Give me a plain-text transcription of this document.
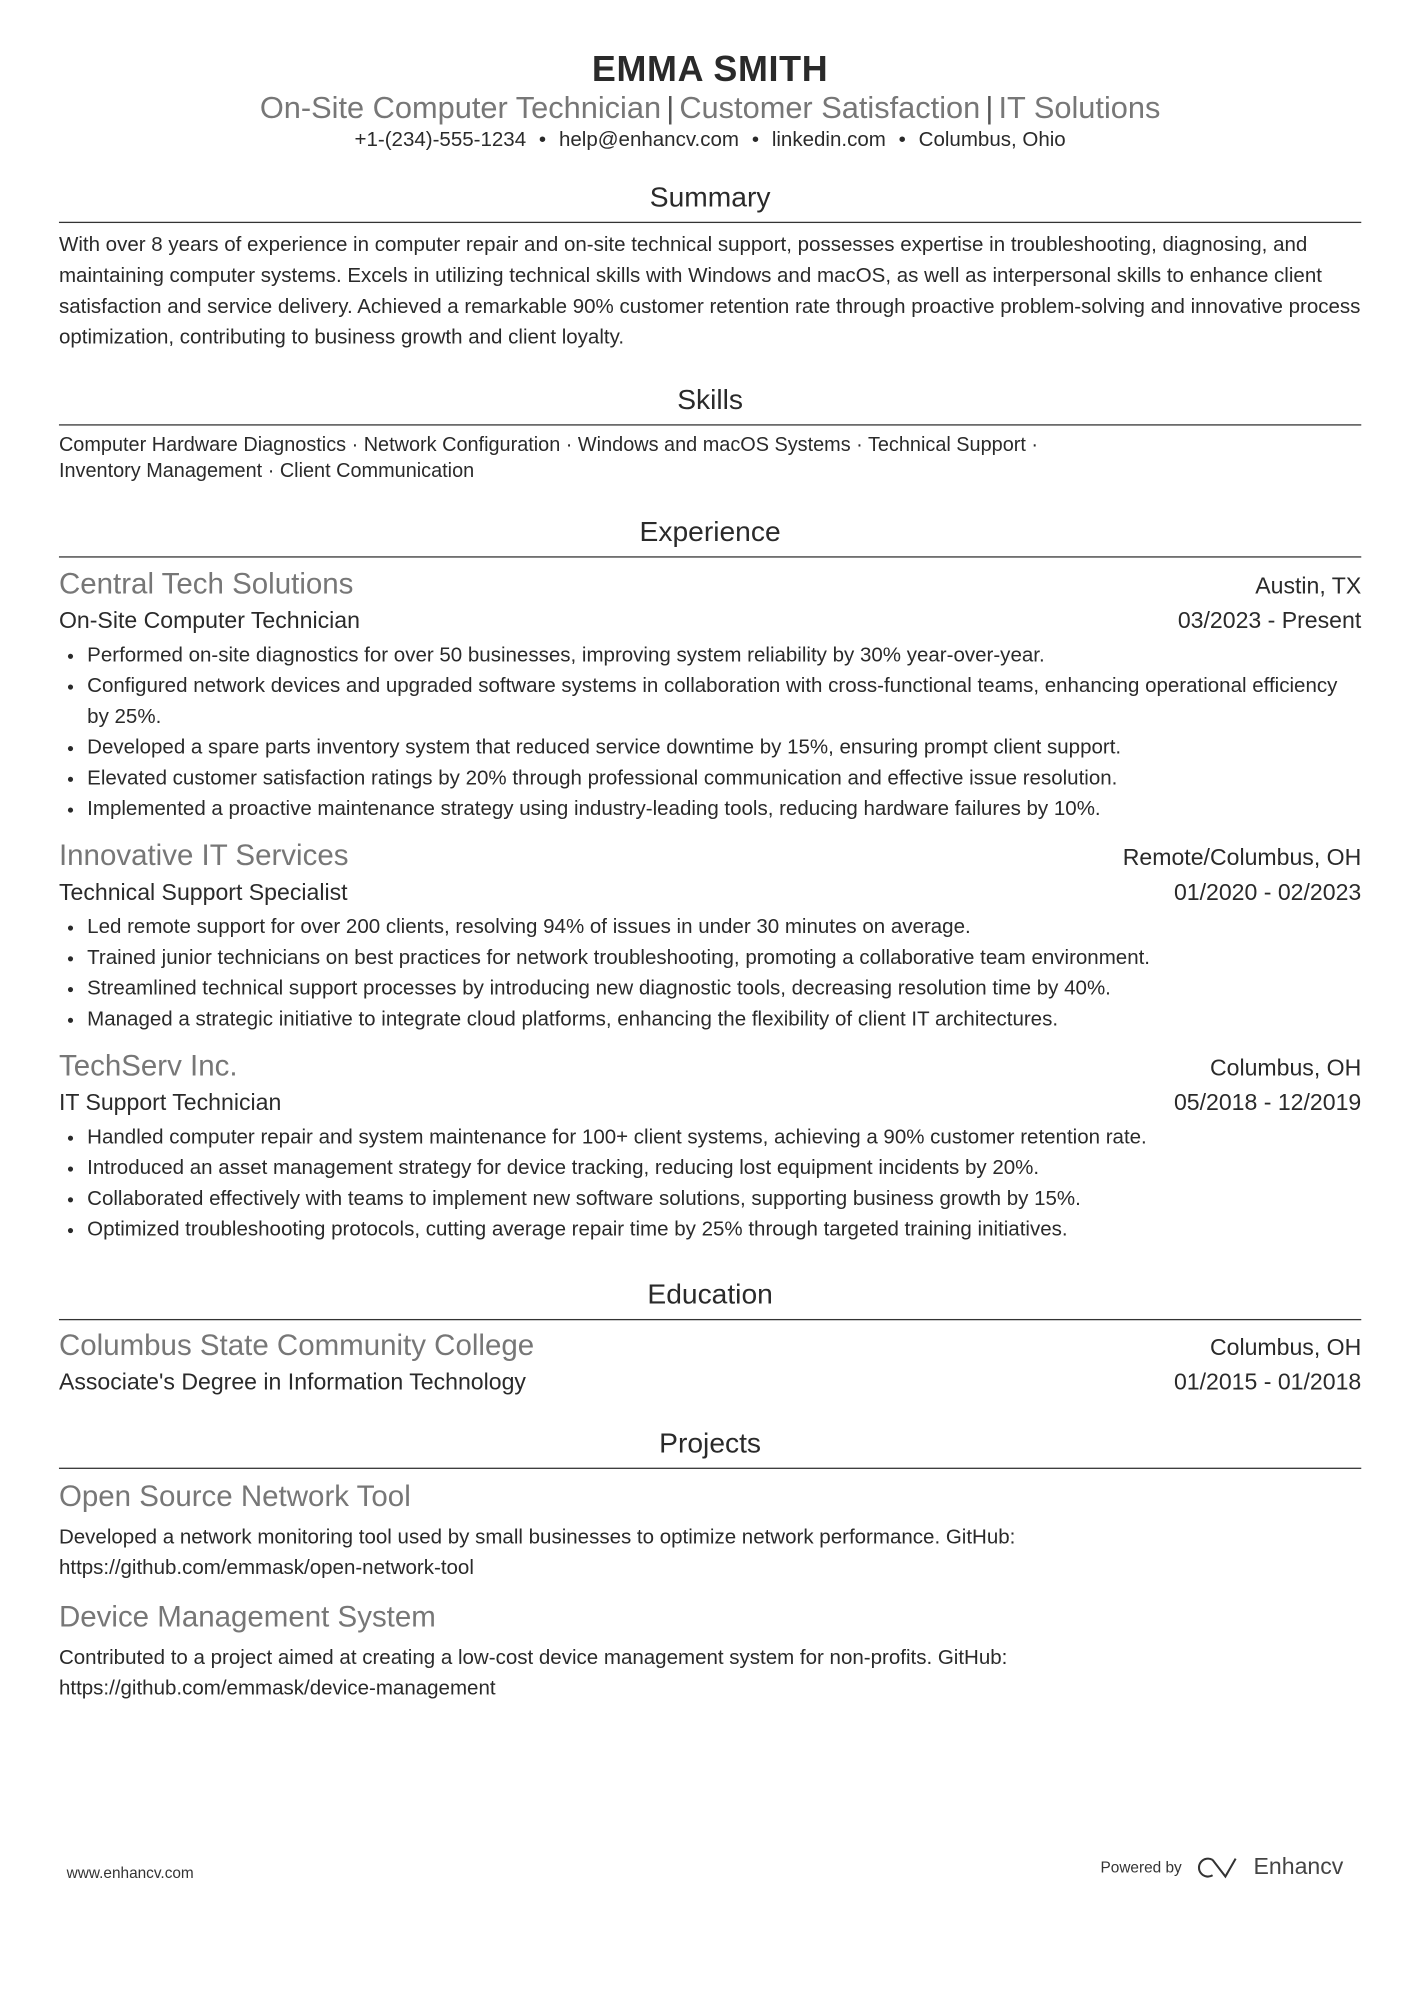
EMMA SMITH
On-Site Computer Technician | Customer Satisfaction | IT Solutions
+1-(234)-555-1234 • help@enhancv.com • linkedin.com • Columbus, Ohio
Summary

With over 8 years of experience in computer repair and on-site technical support, possesses expertise in troubleshooting, diagnosing, and maintaining computer systems. Excels in utilizing technical skills with Windows and macOS, as well as interpersonal skills to enhance client satisfaction and service delivery. Achieved a remarkable 90% customer retention rate through proactive problem-solving and innovative process optimization, contributing to business growth and client loyalty.

Skills

Computer Hardware Diagnostics · Network Configuration · Windows and macOS Systems · Technical Support ·

Inventory Management · Client Communication

Experience
Central Tech Solutions	Austin, TX
On-Site Computer Technician	03/2023 - Present
• Performed on-site diagnostics for over 50 businesses, improving system reliability by 30% year-over-year.
• Configured network devices and upgraded software systems in collaboration with cross-functional teams, enhancing operational efficiency by 25%.
• Developed a spare parts inventory system that reduced service downtime by 15%, ensuring prompt client support.
• Elevated customer satisfaction ratings by 20% through professional communication and effective issue resolution.
• Implemented a proactive maintenance strategy using industry-leading tools, reducing hardware failures by 10%.
Innovative IT Services	Remote/Columbus, OH
Technical Support Specialist	01/2020 - 02/2023
• Led remote support for over 200 clients, resolving 94% of issues in under 30 minutes on average.
• Trained junior technicians on best practices for network troubleshooting, promoting a collaborative team environment.
• Streamlined technical support processes by introducing new diagnostic tools, decreasing resolution time by 40%.
• Managed a strategic initiative to integrate cloud platforms, enhancing the flexibility of client IT architectures.
TechServ Inc.	Columbus, OH
IT Support Technician	05/2018 - 12/2019
• Handled computer repair and system maintenance for 100+ client systems, achieving a 90% customer retention rate.
• Introduced an asset management strategy for device tracking, reducing lost equipment incidents by 20%.
• Collaborated effectively with teams to implement new software solutions, supporting business growth by 15%.
• Optimized troubleshooting protocols, cutting average repair time by 25% through targeted training initiatives.
Education
Columbus State Community College	Columbus, OH
Associate's Degree in Information Technology	01/2015 - 01/2018
Projects
Open Source Network Tool

Developed a network monitoring tool used by small businesses to optimize network performance. GitHub:

https://github.com/emmask/open-network-tool

Device Management System

Contributed to a project aimed at creating a low-cost device management system for non-profits. GitHub:

https://github.com/emmask/device-management

www.enhancv.com	Powered by	Enhancv
